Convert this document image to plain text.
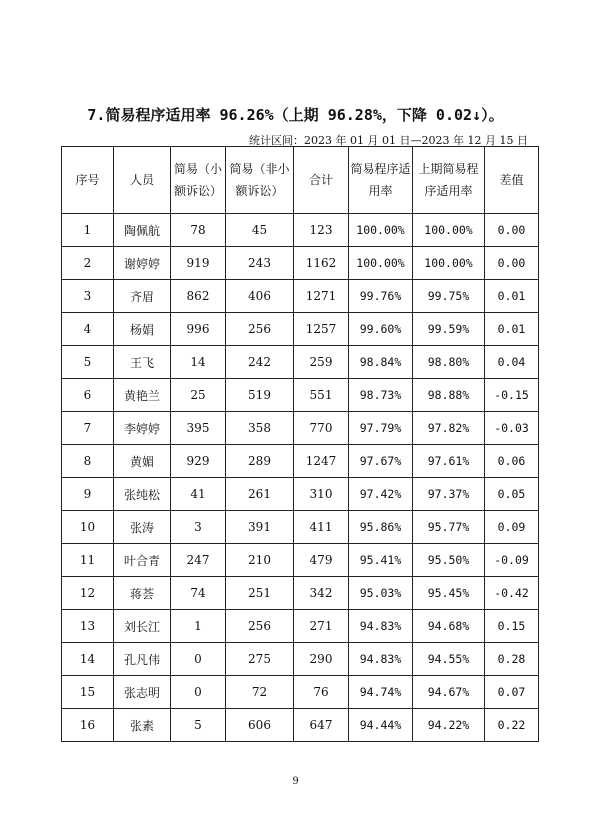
7.简易程序适用率 96.26%（上期 96.28%，下降 0.02↓）。
统计区间：2023 年 01 月 01 日—2023 年 12 月 15 日
序号	人员	简易（小额诉讼）	简易（非小额诉讼）	合计	简易程序适用率	上期简易程序适用率	差值
1	陶佩航	78	45	123	100.00%	100.00%	0.00
2	谢婷婷	919	243	1162	100.00%	100.00%	0.00
3	齐眉	862	406	1271	99.76%	99.75%	0.01
4	杨娟	996	256	1257	99.60%	99.59%	0.01
5	王飞	14	242	259	98.84%	98.80%	0.04
6	黄艳兰	25	519	551	98.73%	98.88%	-0.15
7	李婷婷	395	358	770	97.79%	97.82%	-0.03
8	黄媚	929	289	1247	97.67%	97.61%	0.06
9	张纯松	41	261	310	97.42%	97.37%	0.05
10	张涛	3	391	411	95.86%	95.77%	0.09
11	叶合青	247	210	479	95.41%	95.50%	-0.09
12	蒋荟	74	251	342	95.03%	95.45%	-0.42
13	刘长江	1	256	271	94.83%	94.68%	0.15
14	孔凡伟	0	275	290	94.83%	94.55%	0.28
15	张志明	0	72	76	94.74%	94.67%	0.07
16	张素	5	606	647	94.44%	94.22%	0.22
9
